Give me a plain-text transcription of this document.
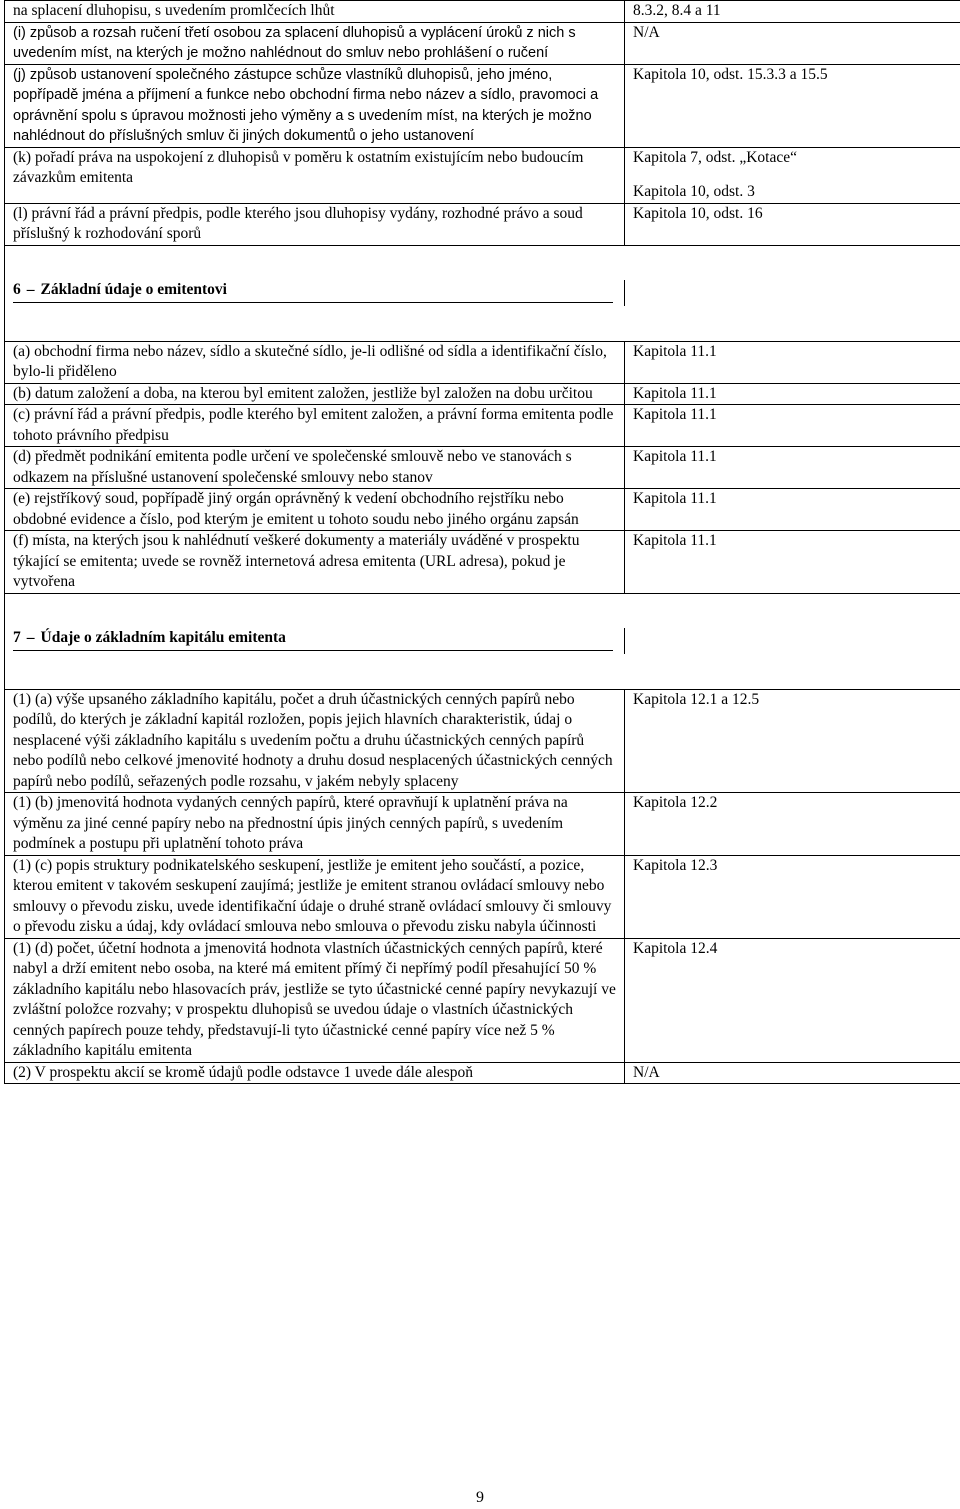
na splacení dluhopisu, s uvedením promlčecích lhůt	8.3.2, 8.4 a 11

(i) způsob a rozsah ručení třetí osobou za splacení dluhopisů a vyplácení úroků z nich s uvedením míst, na kterých je možno nahlédnout do smluv nebo prohlášení o ručení	N/A

(j) způsob ustanovení společného zástupce schůze vlastníků dluhopisů, jeho jméno, popřípadě jména a příjmení a funkce nebo obchodní firma nebo název a sídlo, pravomoci a oprávnění spolu s úpravou možnosti jeho výměny a s uvedením míst, na kterých je možno nahlédnout do příslušných smluv či jiných dokumentů o jeho ustanovení	Kapitola 10, odst. 15.3.3 a 15.5

(k) pořadí práva na uspokojení z dluhopisů v poměru k ostatním existujícím nebo budoucím závazkům emitenta	Kapitola 7, odst. „Kotace“
Kapitola 10, odst. 3

(l) právní řád a právní předpis, podle kterého jsou dluhopisy vydány, rozhodné právo a soud příslušný k rozhodování sporů	Kapitola 10, odst. 16

6 – Základní údaje o emitentovi	

(a) obchodní firma nebo název, sídlo a skutečné sídlo, je-li odlišné od sídla a identifikační číslo, bylo-li přiděleno	Kapitola 11.1

(b) datum založení a doba, na kterou byl emitent založen, jestliže byl založen na dobu určitou	Kapitola 11.1

(c) právní řád a právní předpis, podle kterého byl emitent založen, a právní forma emitenta podle tohoto právního předpisu	Kapitola 11.1

(d) předmět podnikání emitenta podle určení ve společenské smlouvě nebo ve stanovách s odkazem na příslušné ustanovení společenské smlouvy nebo stanov	Kapitola 11.1

(e) rejstříkový soud, popřípadě jiný orgán oprávněný k vedení obchodního rejstříku nebo obdobné evidence a číslo, pod kterým je emitent u tohoto soudu nebo jiného orgánu zapsán	Kapitola 11.1

(f) místa, na kterých jsou k nahlédnutí veškeré dokumenty a materiály uváděné v prospektu týkající se emitenta; uvede se rovněž internetová adresa emitenta (URL adresa), pokud je vytvořena	Kapitola 11.1

7 – Údaje o základním kapitálu emitenta	

(1) (a) výše upsaného základního kapitálu, počet a druh účastnických cenných papírů nebo podílů, do kterých je základní kapitál rozložen, popis jejich hlavních charakteristik, údaj o nesplacené výši základního kapitálu s uvedením počtu a druhu účastnických cenných papírů nebo podílů nebo celkové jmenovité hodnoty a druhu dosud nesplacených účastnických cenných papírů nebo podílů, seřazených podle rozsahu, v jakém nebyly splaceny	Kapitola 12.1 a 12.5

(1) (b) jmenovitá hodnota vydaných cenných papírů, které opravňují k uplatnění práva na výměnu za jiné cenné papíry nebo na přednostní úpis jiných cenných papírů, s uvedením podmínek a postupu při uplatnění tohoto práva	Kapitola 12.2

(1) (c) popis struktury podnikatelského seskupení, jestliže je emitent jeho součástí, a pozice, kterou emitent v takovém seskupení zaujímá; jestliže je emitent stranou ovládací smlouvy nebo smlouvy o převodu zisku, uvede identifikační údaje o druhé straně ovládací smlouvy či smlouvy o převodu zisku a údaj, kdy ovládací smlouva nebo smlouva o převodu zisku nabyla účinnosti	Kapitola 12.3

(1) (d) počet, účetní hodnota a jmenovitá hodnota vlastních účastnických cenných papírů, které nabyl a drží emitent nebo osoba, na které má emitent přímý či nepřímý podíl přesahující 50 % základního kapitálu nebo hlasovacích práv, jestliže se tyto účastnické cenné papíry nevykazují ve zvláštní položce rozvahy; v prospektu dluhopisů se uvedou údaje o vlastních účastnických cenných papírech pouze tehdy, představují-li tyto účastnické cenné papíry více než 5 % základního kapitálu emitenta	Kapitola 12.4

(2) V prospektu akcií se kromě údajů podle odstavce 1 uvede dále alespoň	N/A
9
